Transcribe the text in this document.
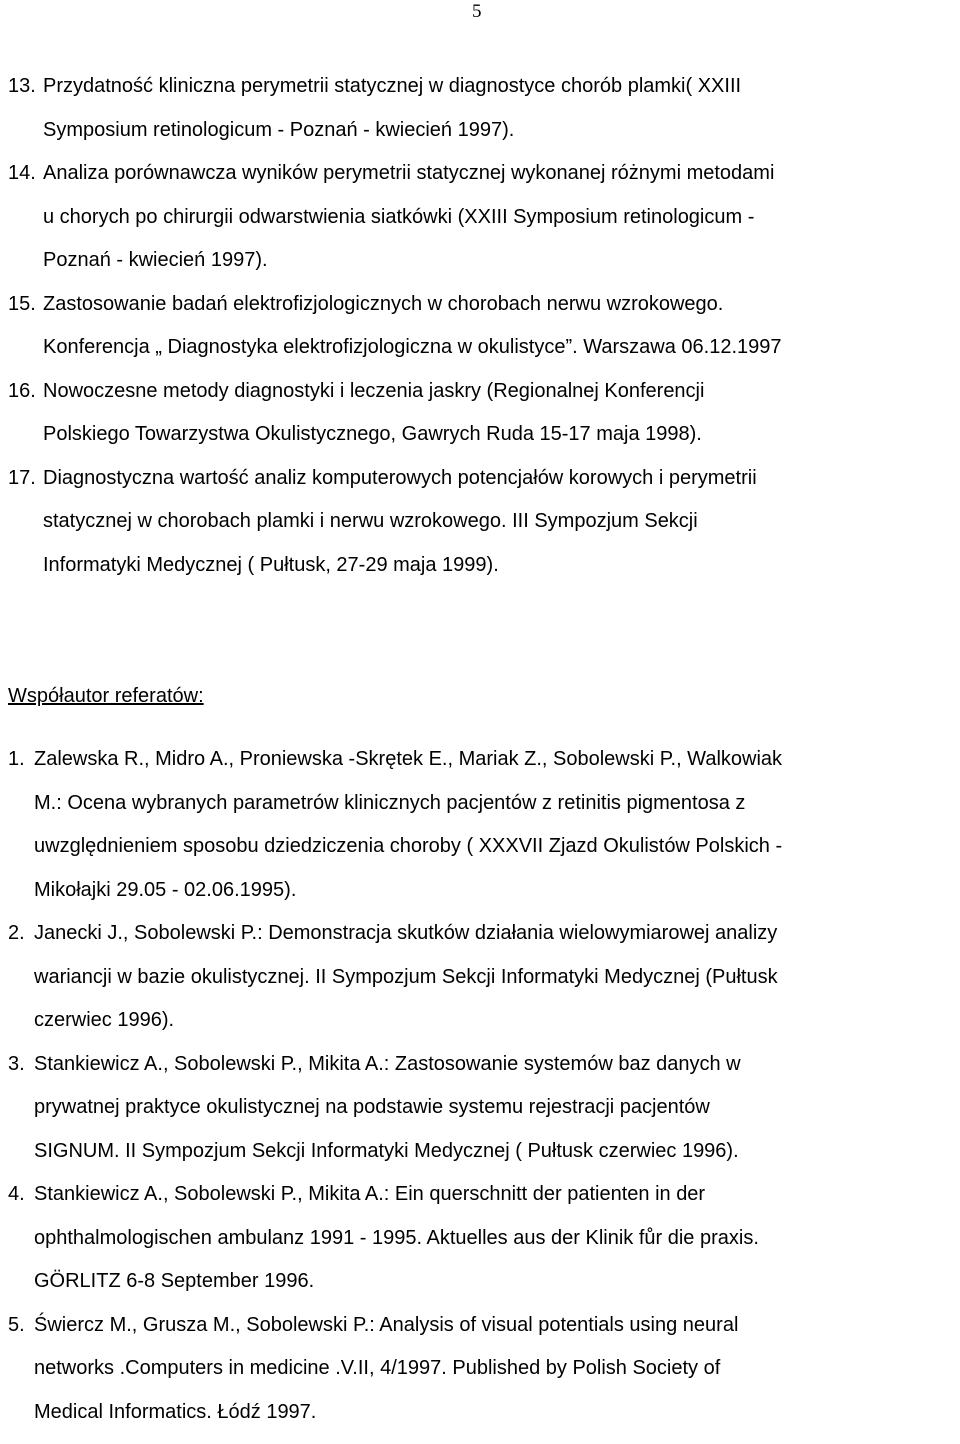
5
13. Przydatność kliniczna perymetrii statycznej w diagnostyce chorób plamki( XXIII
Symposium retinologicum - Poznań - kwiecień 1997).
14. Analiza porównawcza wyników perymetrii statycznej wykonanej różnymi metodami
u chorych po chirurgii odwarstwienia siatkówki (XXIII Symposium retinologicum -
Poznań - kwiecień 1997).
15. Zastosowanie badań elektrofizjologicznych w chorobach nerwu wzrokowego.
Konferencja „ Diagnostyka elektrofizjologiczna w okulistyce”. Warszawa 06.12.1997
16. Nowoczesne metody diagnostyki i leczenia jaskry (Regionalnej Konferencji
Polskiego Towarzystwa Okulistycznego, Gawrych Ruda 15-17 maja 1998).
17. Diagnostyczna wartość analiz komputerowych potencjałów korowych i perymetrii
statycznej w chorobach plamki i nerwu wzrokowego. III Sympozjum Sekcji
Informatyki Medycznej ( Pułtusk, 27-29 maja 1999).
Współautor referatów:
1. Zalewska R., Midro A., Proniewska -Skrętek E., Mariak Z., Sobolewski P., Walkowiak
M.: Ocena wybranych parametrów klinicznych pacjentów z retinitis pigmentosa z
uwzględnieniem sposobu dziedziczenia choroby ( XXXVII Zjazd Okulistów Polskich -
Mikołajki 29.05 - 02.06.1995).
2. Janecki J., Sobolewski P.: Demonstracja skutków działania wielowymiarowej analizy
wariancji w bazie okulistycznej. II Sympozjum Sekcji Informatyki Medycznej (Pułtusk
czerwiec 1996).
3. Stankiewicz A., Sobolewski P., Mikita A.: Zastosowanie systemów baz danych w
prywatnej praktyce okulistycznej na podstawie systemu rejestracji pacjentów
SIGNUM. II Sympozjum Sekcji Informatyki Medycznej ( Pułtusk czerwiec 1996).
4. Stankiewicz A., Sobolewski P., Mikita A.: Ein querschnitt der patienten in der
ophthalmologischen ambulanz 1991 - 1995. Aktuelles aus der Klinik fůr die praxis.
GÖRLITZ 6-8 September 1996.
5. Świercz M., Grusza M., Sobolewski P.: Analysis of visual potentials using neural
networks .Computers in medicine .V.II, 4/1997. Published by Polish Society of
Medical Informatics. Łódź 1997.
